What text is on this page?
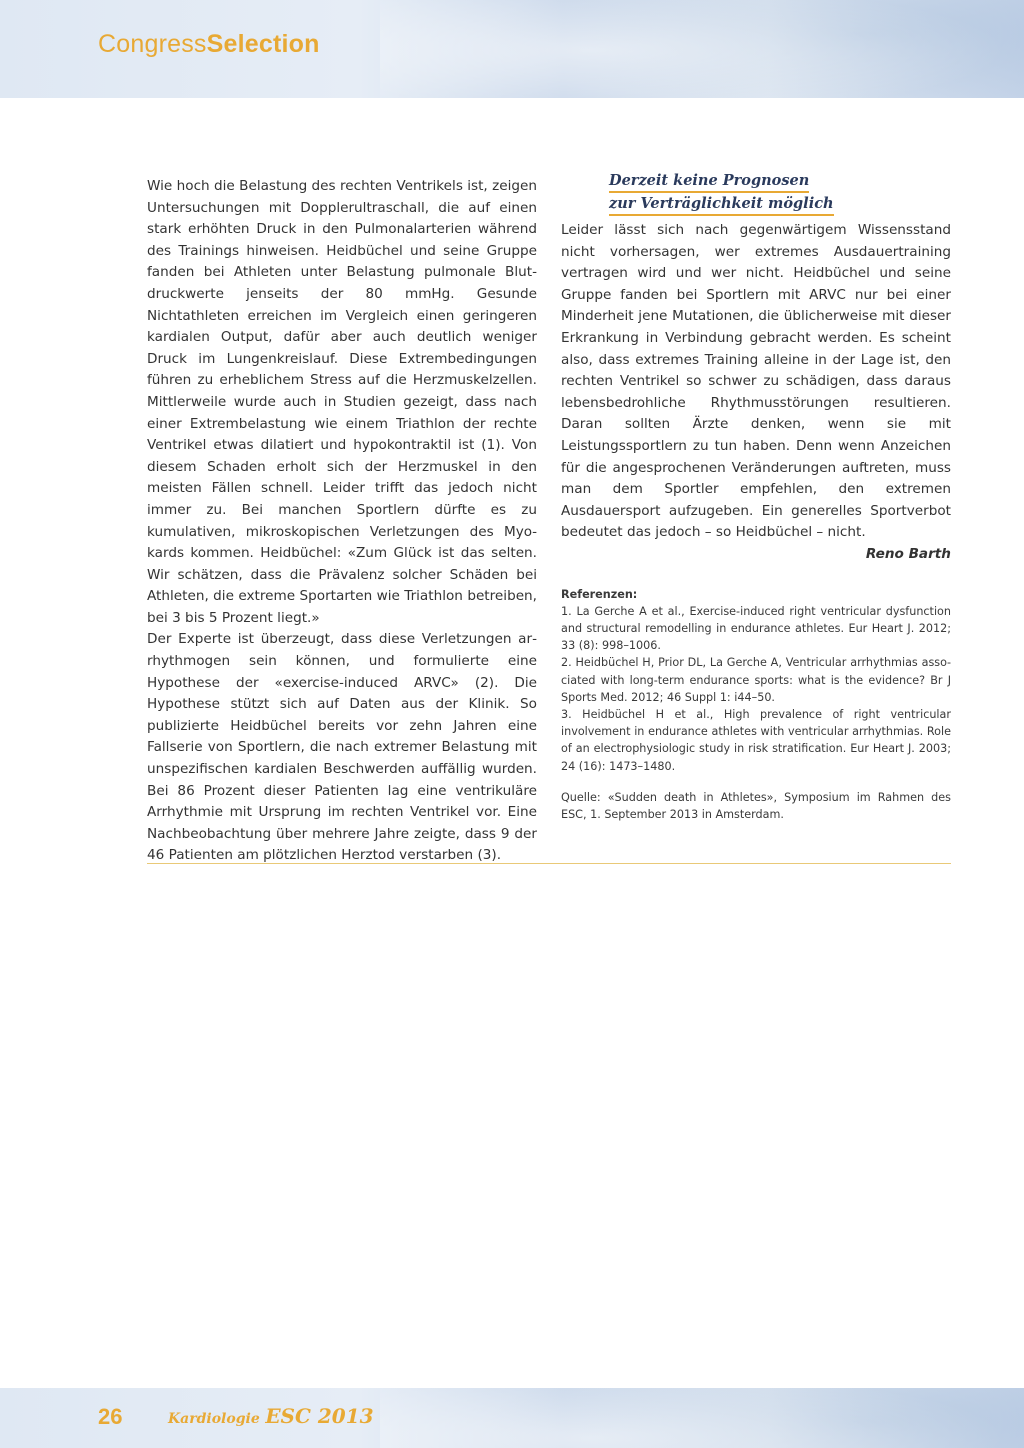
CongressSelection

Wie hoch die Belastung des rechten Ventrikels ist, zeigen Untersuchungen mit Dopplerultraschall, die auf einen stark erhöhten Druck in den Pulmonalarterien während des Trainings hinweisen. Heidbüchel und seine Gruppe fanden bei Athleten unter Belastung pulmonale Blutdruckwerte jenseits der 80 mmHg. Gesunde Nichtathleten erreichen im Vergleich einen geringeren kardialen Output, dafür aber auch deutlich weniger Druck im Lungenkreislauf. Diese Extrembedingungen führen zu erheblichem Stress auf die Herzmuskelzellen. Mittlerweile wurde auch in Studien gezeigt, dass nach einer Extrembelastung wie einem Triathlon der rechte Ventrikel etwas dilatiert und hypokontraktil ist (1). Von diesem Schaden erholt sich der Herzmuskel in den meisten Fällen schnell. Leider trifft das jedoch nicht immer zu. Bei manchen Sportlern dürfte es zu kumulativen, mikroskopischen Verletzungen des Myokards kommen. Heidbüchel: «Zum Glück ist das selten. Wir schätzen, dass die Prävalenz solcher Schäden bei Athleten, die extreme Sportarten wie Triathlon betreiben, bei 3 bis 5 Prozent liegt.»

Der Experte ist überzeugt, dass diese Verletzungen arrhythmogen sein können, und formulierte eine Hypothese der «exercise-induced ARVC» (2). Die Hypothese stützt sich auf Daten aus der Klinik. So publizierte Heidbüchel bereits vor zehn Jahren eine Fallserie von Sportlern, die nach extremer Belastung mit unspezifischen kardialen Beschwerden auffällig wurden. Bei 86 Prozent dieser Patienten lag eine ventrikuläre Arrhythmie mit Ursprung im rechten Ventrikel vor. Eine Nachbeobachtung über mehrere Jahre zeigte, dass 9 der 46 Patienten am plötzlichen Herztod verstarben (3).

Derzeit keine Prognosen
zur Verträglichkeit möglich

Leider lässt sich nach gegenwärtigem Wissensstand nicht vorhersagen, wer extremes Ausdauertraining vertragen wird und wer nicht. Heidbüchel und seine Gruppe fanden bei Sportlern mit ARVC nur bei einer Minderheit jene Mutationen, die üblicherweise mit dieser Erkrankung in Verbindung gebracht werden. Es scheint also, dass extremes Training alleine in der Lage ist, den rechten Ventrikel so schwer zu schädigen, dass daraus lebensbedrohliche Rhythmusstörungen resultieren. Daran sollten Ärzte denken, wenn sie mit Leistungssportlern zu tun haben. Denn wenn Anzeichen für die angesprochenen Veränderungen auftreten, muss man dem Sportler empfehlen, den extremen Ausdauersport aufzugeben. Ein generelles Sportverbot bedeutet das jedoch – so Heidbüchel – nicht.

Reno Barth

Referenzen:

1. La Gerche A et al., Exercise-induced right ventricular dysfunction and structural remodelling in endurance athletes. Eur Heart J. 2012; 33 (8): 998–1006.

2. Heidbüchel H, Prior DL, La Gerche A, Ventricular arrhythmias associated with long-term endurance sports: what is the evidence? Br J Sports Med. 2012; 46 Suppl 1: i44–50.

3. Heidbüchel H et al., High prevalence of right ventricular involvement in endurance athletes with ventricular arrhythmias. Role of an electrophysiologic study in risk stratification. Eur Heart J. 2003; 24 (16): 1473–1480.

Quelle: «Sudden death in Athletes», Symposium im Rahmen des ESC, 1. September 2013 in Amsterdam.

26	Kardiologie ESC 2013
